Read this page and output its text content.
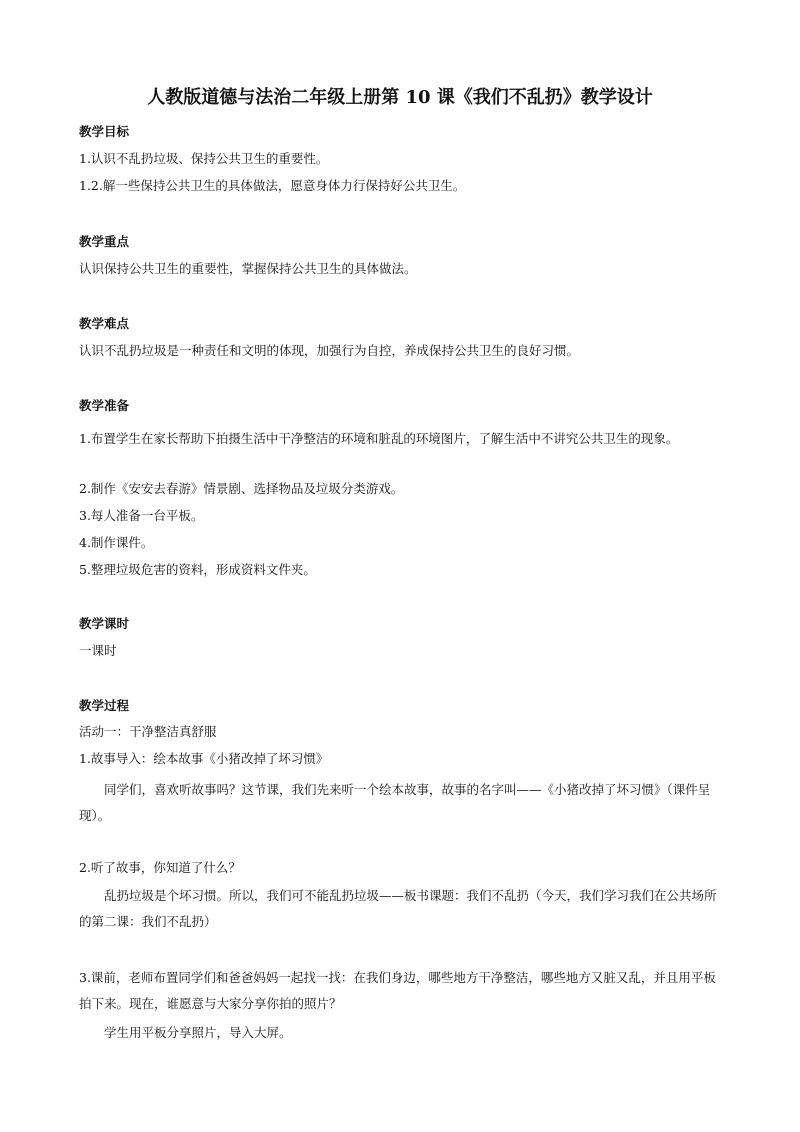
人教版道德与法治二年级上册第 10 课《我们不乱扔》教学设计
教学目标
1.认识不乱扔垃圾、保持公共卫生的重要性。
1.2.解一些保持公共卫生的具体做法，愿意身体力行保持好公共卫生。
教学重点
认识保持公共卫生的重要性，掌握保持公共卫生的具体做法。
教学难点
认识不乱扔垃圾是一种责任和文明的体现，加强行为自控，养成保持公共卫生的良好习惯。
教学准备
1.布置学生在家长帮助下拍摄生活中干净整洁的环境和脏乱的环境图片，了解生活中不讲究公共卫生的现象。
2.制作《安安去春游》情景剧、选择物品及垃圾分类游戏。
3.每人准备一台平板。
4.制作课件。
5.整理垃圾危害的资料，形成资料文件夹。
教学课时
一课时
教学过程
活动一：干净整洁真舒服
1.故事导入：绘本故事《小猪改掉了坏习惯》
同学们，喜欢听故事吗？这节课，我们先来听一个绘本故事，故事的名字叫——《小猪改掉了坏习惯》（课件呈现）。
2.听了故事，你知道了什么？
乱扔垃圾是个坏习惯。所以，我们可不能乱扔垃圾——板书课题：我们不乱扔（今天，我们学习我们在公共场所的第二课：我们不乱扔）
3.课前，老师布置同学们和爸爸妈妈一起找一找：在我们身边，哪些地方干净整洁，哪些地方又脏又乱，并且用平板拍下来。现在，谁愿意与大家分享你拍的照片？
学生用平板分享照片，导入大屏。
